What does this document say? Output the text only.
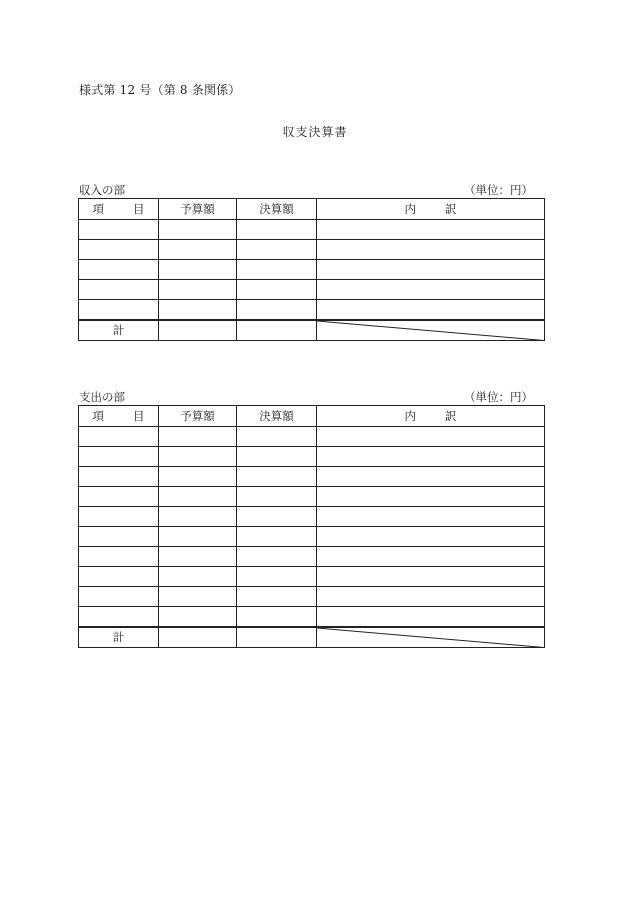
様式第 12 号（第 8 条関係）
収支決算書
収入の部	（単位：円）
項 目	予算額	決算額	内 訳

計			
支出の部	（単位：円）
項 目	予算額	決算額	内 訳

計			
